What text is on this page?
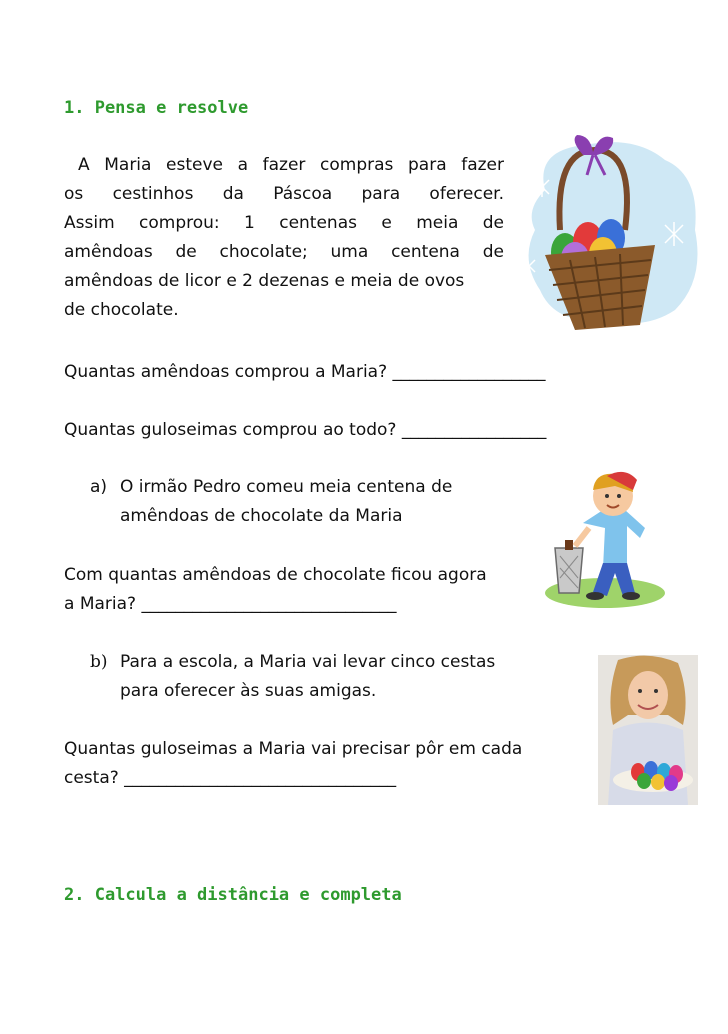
1. Pensa e resolve
A Maria esteve a fazer compras para fazer
os cestinhos da Páscoa para oferecer.
Assim comprou: 1 centenas e meia de
amêndoas de chocolate; uma centena de
amêndoas de licor e 2 dezenas e meia de ovos
de chocolate.
Quantas amêndoas comprou a Maria? __________________
Quantas guloseimas comprou ao todo? _________________
a) O irmão Pedro comeu meia centena de
amêndoas de chocolate da Maria
Com quantas amêndoas de chocolate ficou agora
a Maria? ______________________________
b) Para a escola, a Maria vai levar cinco cestas
para oferecer às suas amigas.
Quantas guloseimas a Maria vai precisar pôr em cada
cesta? ________________________________
2. Calcula a distância e completa
